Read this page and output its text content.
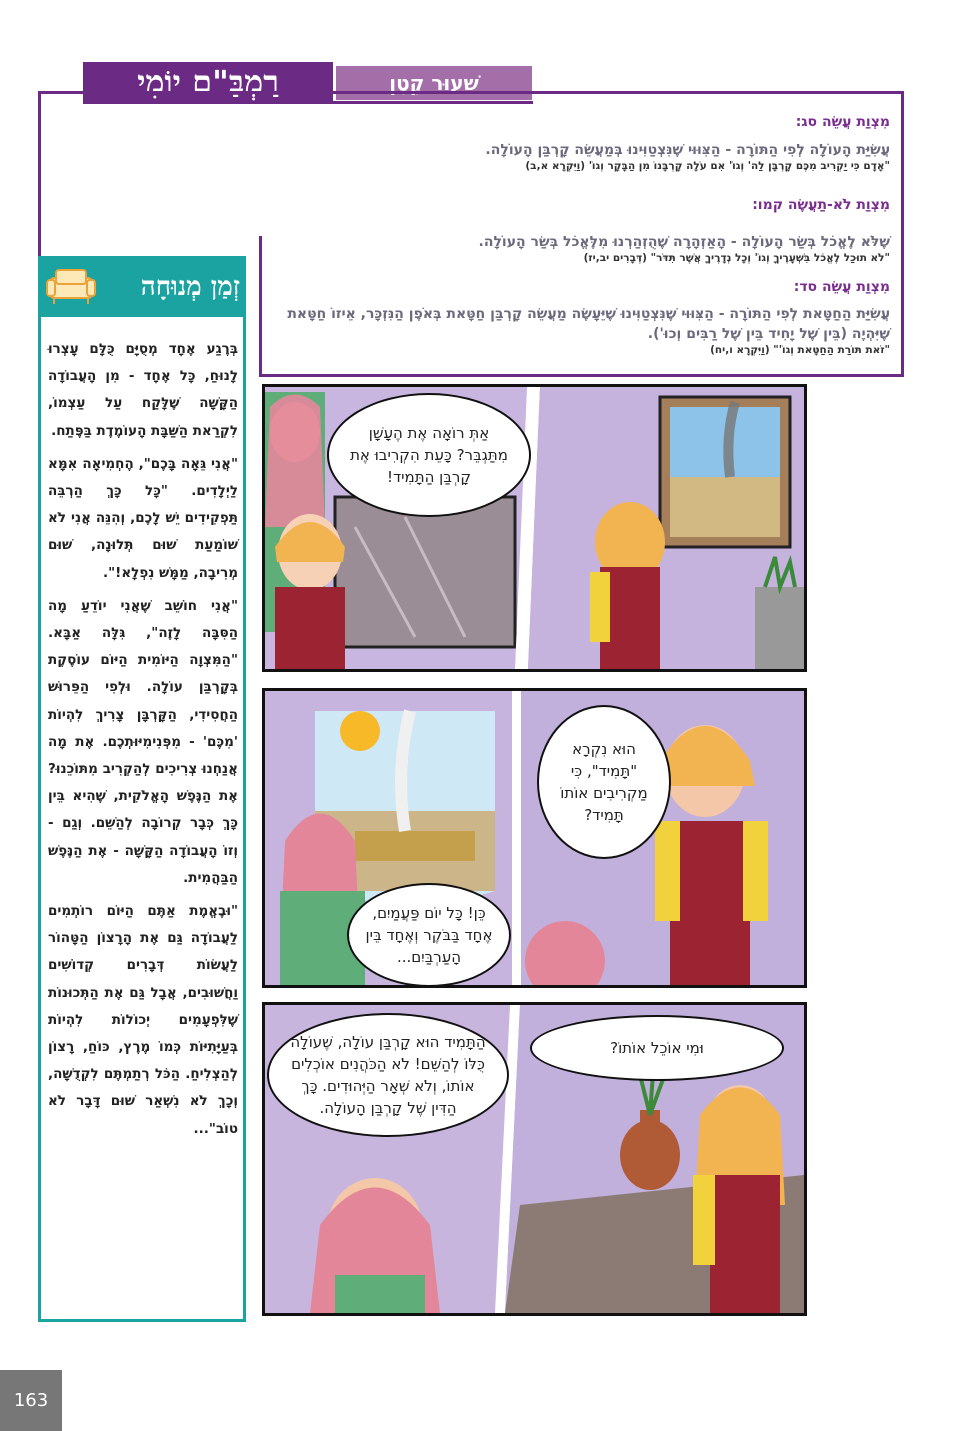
רַמְבַּ"ם יוֹמִי	שִׁעוּר קָטָן

מִצְוַת עֲשֵׂה סג:

עֲשִׂיַּת הָעוֹלָה לְפִי הַתּוֹרָה - הַצִּוּוּי שֶׁנִּצְטַוִּינוּ בְּמַעֲשֵׂה קָרְבַּן הָעוֹלָה.

"אָדָם כִּי יַקְרִיב מִכֶּם קָרְבָּן לַה' וְגוֹ' אִם עֹלָה קָרְבָּנוֹ מִן הַבָּקָר וְגוֹ' (וַיִּקְרָא א,ב)

מִצְוַת לֹא-תַעֲשֶׂה קמו:

שֶׁלֹּא לֶאֱכֹל בְּשַׂר הָעוֹלָה - הָאַזְהָרָה שֶׁהֻזְהַרְנוּ מִלֶּאֱכֹל בְּשַׂר הָעוֹלָה.

"לֹא תוּכַל לֶאֱכֹל בִּשְׁעָרֶיךָ וְגוֹ' וְכָל נְדָרֶיךָ אֲשֶׁר תִּדֹּר" (דְּבָרִים יב,יז)

מִצְוַת עֲשֵׂה סד:

עֲשִׂיַּת הַחַטָּאת לְפִי הַתּוֹרָה - הַצִּוּוּי שֶׁנִּצְטַוִּינוּ שֶׁיֵּעָשֶׂה מַעֲשֵׂה קָרְבַּן חַטָּאת בְּאֹפֶן הַנִּזְכָּר, אֵיזוֹ חַטָּאת שֶׁיִּהְיֶה (בֵּין שֶׁל יָחִיד בֵּין שֶׁל רַבִּים וְכוּ').

"זֹאת תּוֹרַת הַחַטָּאת וְגוֹ'" (וַיִּקְרָא ו,יח)

זְמַן מְנוּחָה

בְּרֶגַע אֶחָד מְסֻיָּם כֻּלָּם עָצְרוּ לָנוּחַ, כָּל אֶחָד - מִן הָעֲבוֹדָה הַקָּשָׁה שֶׁלָּקַח עַל עַצְמוֹ, לִקְרַאת הַשַּׁבָּת הָעוֹמֶדֶת בַּפֶּתַח.

"אֲנִי גֵּאָה בָּכֶם", הֶחְמִיאָה אִמָּא לַיְלָדִים. "כָּל כָּךְ הַרְבֵּה תַּפְקִידִים יֵשׁ לָכֶם, וְהִנֵּה אֲנִי לֹא שׁוֹמַעַת שׁוּם תְּלוּנָה, שׁוּם מְרִיבָה, מַמָּשׁ נִפְלָא!".

"אֲנִי חוֹשֵׁב שֶׁאֲנִי יוֹדֵעַ מָה הַסִּבָּה לָזֶה", גִּלָּה אַבָּא. "הַמִּצְוָה הַיּוֹמִית הַיּוֹם עוֹסֶקֶת בְּקָרְבַּן עוֹלָה. וּלְפִי הַפֵּרוּשׁ הַחֲסִידִי, הַקָּרְבָּן צָרִיךְ לִהְיוֹת 'מִכֶּם' - מִפְּנִימִיּוּתְכֶם. אֶת מָה אֲנַחְנוּ צְרִיכִים לְהַקְרִיב מִתּוֹכֵנוּ? אֶת הַנֶּפֶשׁ הָאֱלֹקִית, שֶׁהִיא בֵּין כָּךְ כְּבָר קְרוֹבָה לְהַשֵּׁם. וְגַם - וְזוֹ הָעֲבוֹדָה הַקָּשָׁה - אֶת הַנֶּפֶשׁ הַבַּהֲמִית.

"וּבֶאֱמֶת אַתֶּם הַיּוֹם רוֹתְמִים לַעֲבוֹדָה גַּם אֶת הָרָצוֹן הַטָּהוֹר לַעֲשׂוֹת דְּבָרִים קְדוֹשִׁים וַחֲשׁוּבִים, אֲבָל גַּם אֶת הַתְּכוּנוֹת שֶׁלִּפְעָמִים יְכוֹלוֹת לִהְיוֹת בְּעַיָּתִיּוֹת כְּמוֹ מֶרֶץ, כּוֹחַ, רָצוֹן לְהַצְלִיחַ. הַכֹּל רְתַמְתֶּם לִקְדֻשָּׁה, וְכָךְ לֹא נִשְׁאַר שׁוּם דָּבָר לֹא טוֹב"...

אַתְּ רוֹאָה אֶת הֶעָשָׁן מִתַּגְבֵּר? כָּעֵת הִקְרִיבוּ אֶת קָרְבַּן הַתָּמִיד!
הוּא נִקְרָא "תָּמִיד", כִּי מַקְרִיבִים אוֹתוֹ תָּמִיד?
כֵּן! כָּל יוֹם פַּעֲמַיִם, אֶחָד בַּבֹּקֶר וְאֶחָד בֵּין הָעַרְבַּיִם...
הַתָּמִיד הוּא קָרְבַּן עוֹלָה, שֶׁעוֹלָה כֻּלּוֹ לְהַשֵּׁם! לֹא הַכֹּהֲנִים אוֹכְלִים אוֹתוֹ, וְלֹא שְׁאָר הַיְּהוּדִים. כָּךְ הַדִּין שֶׁל קָרְבַּן הָעוֹלָה.
וּמִי אוֹכֵל אוֹתוֹ?
163
